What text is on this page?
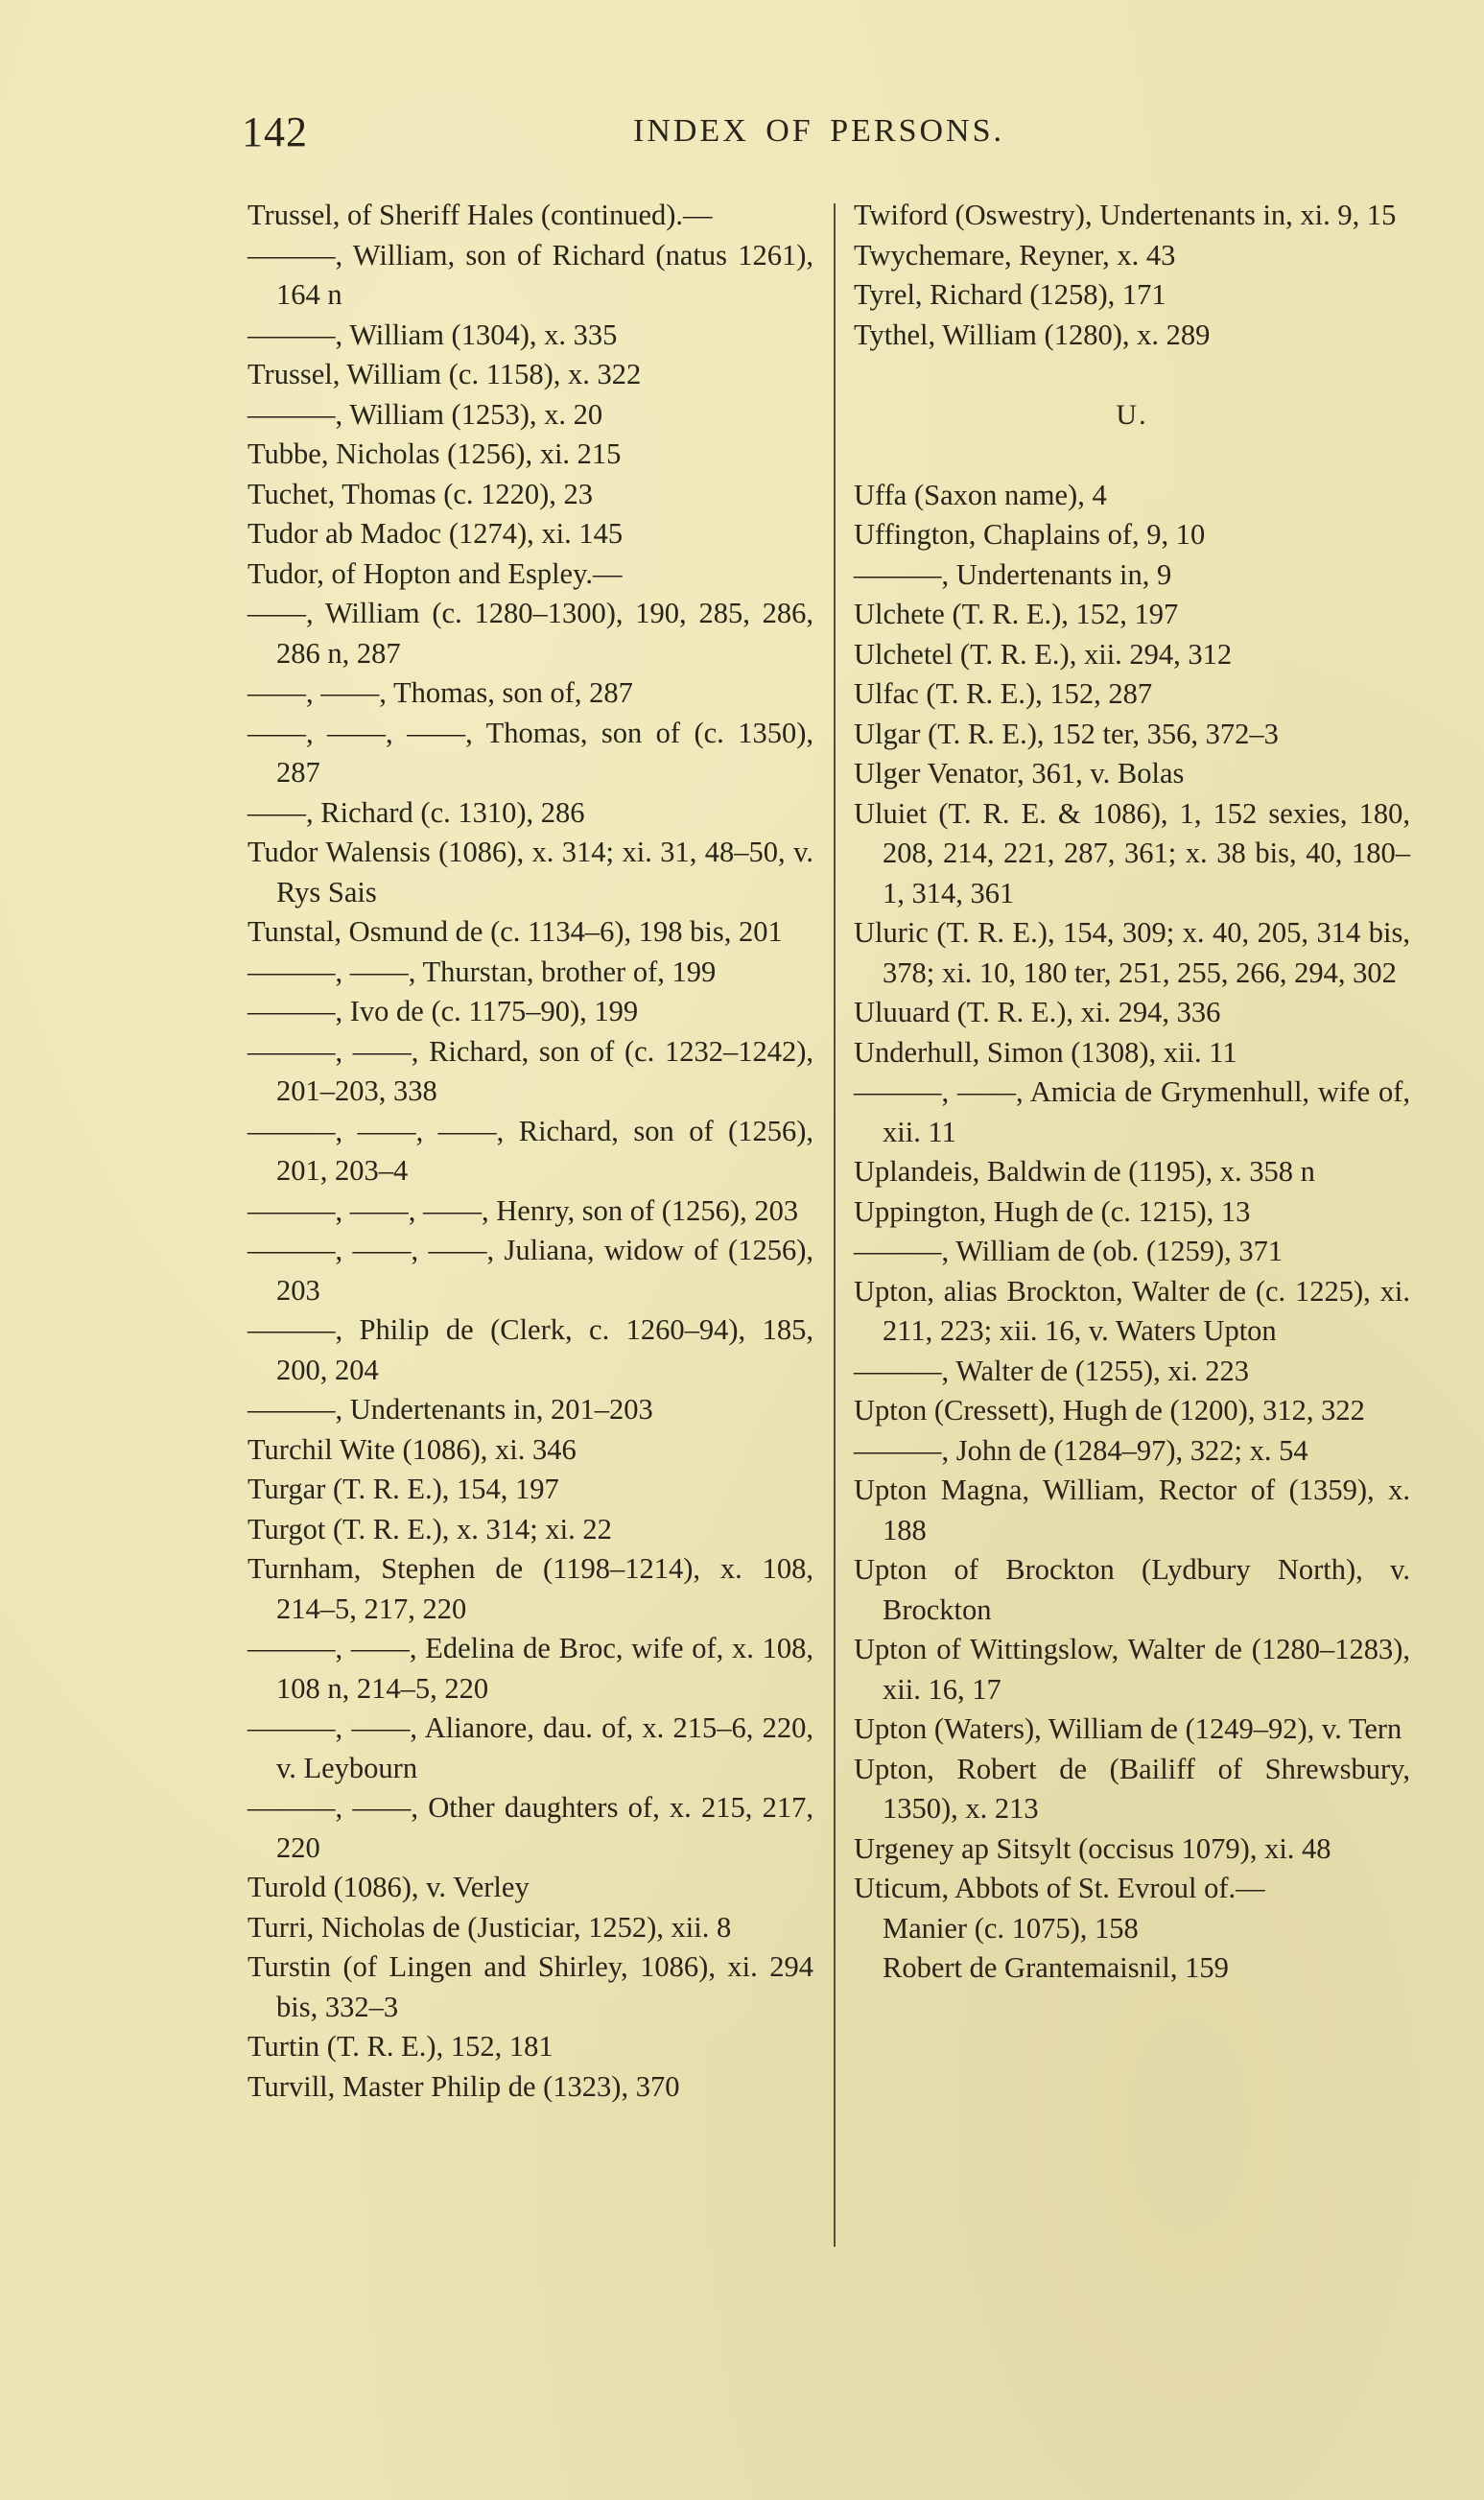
142	INDEX OF PERSONS.

Trussel, of Sheriff Hales (continued).—

———, William, son of Richard (natus 1261), 164 n

———, William (1304), x. 335

Trussel, William (c. 1158), x. 322

———, William (1253), x. 20

Tubbe, Nicholas (1256), xi. 215

Tuchet, Thomas (c. 1220), 23

Tudor ab Madoc (1274), xi. 145

Tudor, of Hopton and Espley.—

——, William (c. 1280–1300), 190, 285, 286, 286 n, 287

——, ——, Thomas, son of, 287

——, ——, ——, Thomas, son of (c. 1350), 287

——, Richard (c. 1310), 286

Tudor Walensis (1086), x. 314; xi. 31, 48–50, v. Rys Sais

Tunstal, Osmund de (c. 1134–6), 198 bis, 201

———, ——, Thurstan, brother of, 199

———, Ivo de (c. 1175–90), 199

———, ——, Richard, son of (c. 1232–1242), 201–203, 338

———, ——, ——, Richard, son of (1256), 201, 203–4

———, ——, ——, Henry, son of (1256), 203

———, ——, ——, Juliana, widow of (1256), 203

———, Philip de (Clerk, c. 1260–94), 185, 200, 204

———, Undertenants in, 201–203

Turchil Wite (1086), xi. 346

Turgar (T. R. E.), 154, 197

Turgot (T. R. E.), x. 314; xi. 22

Turnham, Stephen de (1198–1214), x. 108, 214–5, 217, 220

———, ——, Edelina de Broc, wife of, x. 108, 108 n, 214–5, 220

———, ——, Alianore, dau. of, x. 215–6, 220, v. Leybourn

———, ——, Other daughters of, x. 215, 217, 220

Turold (1086), v. Verley

Turri, Nicholas de (Justiciar, 1252), xii. 8

Turstin (of Lingen and Shirley, 1086), xi. 294 bis, 332–3

Turtin (T. R. E.), 152, 181

Turvill, Master Philip de (1323), 370

Twiford (Oswestry), Undertenants in, xi. 9, 15

Twychemare, Reyner, x. 43

Tyrel, Richard (1258), 171

Tythel, William (1280), x. 289

U.

Uffa (Saxon name), 4

Uffington, Chaplains of, 9, 10

———, Undertenants in, 9

Ulchete (T. R. E.), 152, 197

Ulchetel (T. R. E.), xii. 294, 312

Ulfac (T. R. E.), 152, 287

Ulgar (T. R. E.), 152 ter, 356, 372–3

Ulger Venator, 361, v. Bolas

Uluiet (T. R. E. & 1086), 1, 152 sexies, 180, 208, 214, 221, 287, 361; x. 38 bis, 40, 180–1, 314, 361

Uluric (T. R. E.), 154, 309; x. 40, 205, 314 bis, 378; xi. 10, 180 ter, 251, 255, 266, 294, 302

Uluuard (T. R. E.), xi. 294, 336

Underhull, Simon (1308), xii. 11

———, ——, Amicia de Grymenhull, wife of, xii. 11

Uplandeis, Baldwin de (1195), x. 358 n

Uppington, Hugh de (c. 1215), 13

———, William de (ob. (1259), 371

Upton, alias Brockton, Walter de (c. 1225), xi. 211, 223; xii. 16, v. Waters Upton

———, Walter de (1255), xi. 223

Upton (Cressett), Hugh de (1200), 312, 322

———, John de (1284–97), 322; x. 54

Upton Magna, William, Rector of (1359), x. 188

Upton of Brockton (Lydbury North), v. Brockton

Upton of Wittingslow, Walter de (1280–1283), xii. 16, 17

Upton (Waters), William de (1249–92), v. Tern

Upton, Robert de (Bailiff of Shrewsbury, 1350), x. 213

Urgeney ap Sitsylt (occisus 1079), xi. 48

Uticum, Abbots of St. Evroul of.—

Manier (c. 1075), 158

Robert de Grantemaisnil, 159
